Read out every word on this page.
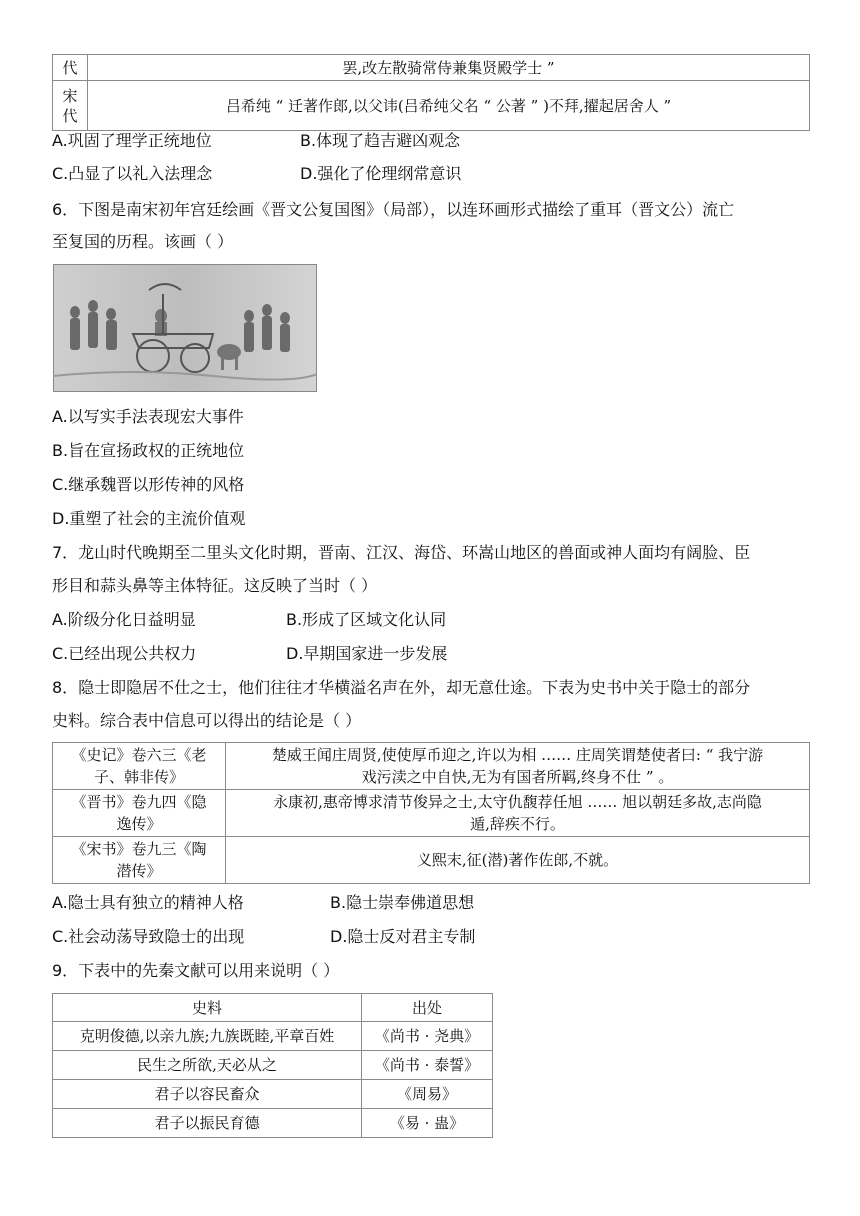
代	罢,改左散骑常侍兼集贤殿学士 ”
宋
代	吕希纯 “ 迁著作郎,以父讳(吕希纯父名 “ 公著 ” )不拜,擢起居舍人 ”
A.巩固了理学正统地位	B.体现了趋吉避凶观念
C.凸显了以礼入法理念	D.强化了伦理纲常意识
6．下图是南宋初年宫廷绘画《晋文公复国图》（局部），以连环画形式描绘了重耳（晋文公）流亡
至复国的历程。该画（ ）
A.以写实手法表现宏大事件
B.旨在宣扬政权的正统地位
C.继承魏晋以形传神的风格
D.重塑了社会的主流价值观
7．龙山时代晚期至二里头文化时期，晋南、江汉、海岱、环嵩山地区的兽面或神人面均有阔脸、臣
形目和蒜头鼻等主体特征。这反映了当时（ ）
A.阶级分化日益明显	B.形成了区域文化认同
C.已经出现公共权力	D.早期国家进一步发展
8．隐士即隐居不仕之士，他们往往才华横溢名声在外，却无意仕途。下表为史书中关于隐士的部分
史料。综合表中信息可以得出的结论是（ ）
《史记》卷六三《老
子、韩非传》	楚威王闻庄周贤,使使厚币迎之,许以为相 …… 庄周笑谓楚使者曰: “ 我宁游
戏污渎之中自快,无为有国者所羁,终身不仕 ” 。
《晋书》卷九四《隐
逸传》	永康初,惠帝博求清节俊异之士,太守仇馥荐任旭 …… 旭以朝廷多故,志尚隐
遁,辞疾不行。
《宋书》卷九三《陶
潜传》	义熙末,征(潜)著作佐郎,不就。
A.隐士具有独立的精神人格	B.隐士崇奉佛道思想
C.社会动荡导致隐士的出现	D.隐士反对君主专制
9．下表中的先秦文献可以用来说明（ ）
史料	出处
克明俊德,以亲九族;九族既睦,平章百姓	《尚书 · 尧典》
民生之所欲,天必从之	《尚书 · 泰誓》
君子以容民畜众	《周易》
君子以振民育德	《易 · 蛊》
